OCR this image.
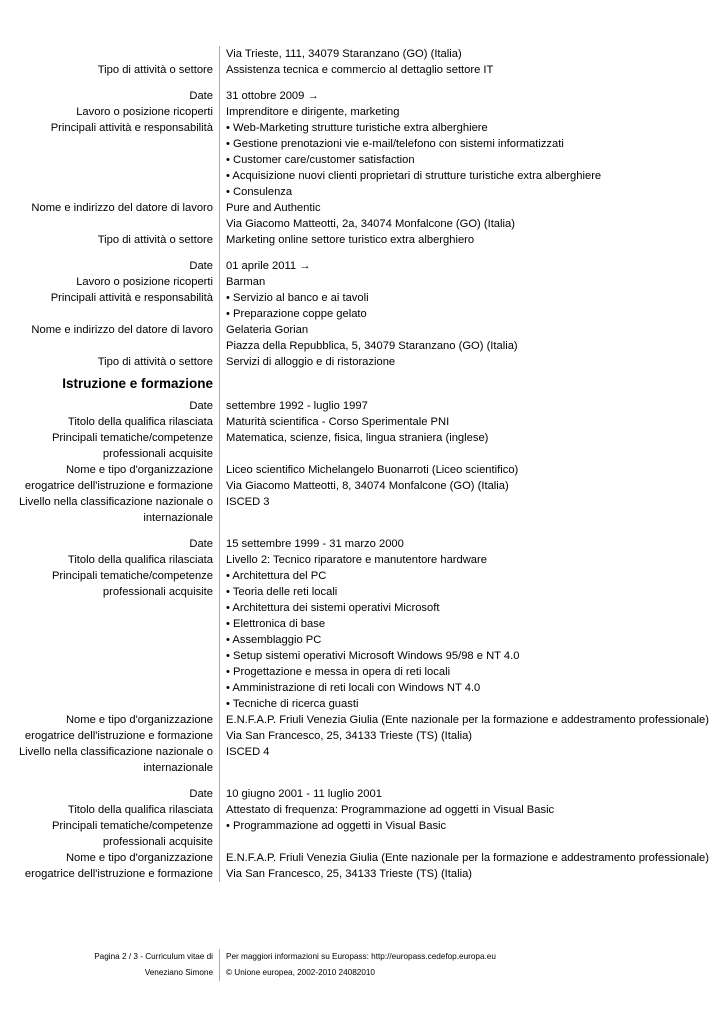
Via Trieste, 111, 34079 Staranzano (GO) (Italia)
Tipo di attività o settore Assistenza tecnica e commercio al dettaglio settore IT
Date 31 ottobre 2009 →
Lavoro o posizione ricoperti Imprenditore e dirigente, marketing
Principali attività e responsabilità • Web-Marketing strutture turistiche extra alberghiere
• Gestione prenotazioni vie e-mail/telefono con sistemi informatizzati
• Customer care/customer satisfaction
• Acquisizione nuovi clienti proprietari di strutture turistiche extra alberghiere
• Consulenza
Nome e indirizzo del datore di lavoro Pure and Authentic
Via Giacomo Matteotti, 2a, 34074 Monfalcone (GO) (Italia)
Tipo di attività o settore Marketing online settore turistico extra alberghiero
Date 01 aprile 2011 →
Lavoro o posizione ricoperti Barman
Principali attività e responsabilità • Servizio al banco e ai tavoli
• Preparazione coppe gelato
Nome e indirizzo del datore di lavoro Gelateria Gorian
Piazza della Repubblica, 5, 34079 Staranzano (GO) (Italia)
Tipo di attività o settore Servizi di alloggio e di ristorazione
Istruzione e formazione
Date settembre 1992 - luglio 1997
Titolo della qualifica rilasciata Maturità scientifica - Corso Sperimentale PNI
Principali tematiche/competenze
professionali acquisite
Matematica, scienze, fisica, lingua straniera (inglese)
Nome e tipo d'organizzazione
erogatrice dell'istruzione e formazione
Liceo scientifico Michelangelo Buonarroti (Liceo scientifico)
Via Giacomo Matteotti, 8, 34074 Monfalcone (GO) (Italia)
Livello nella classificazione nazionale o
internazionale
ISCED 3
Date 15 settembre 1999 - 31 marzo 2000
Titolo della qualifica rilasciata Livello 2: Tecnico riparatore e manutentore hardware
Principali tematiche/competenze
professionali acquisite
• Architettura del PC
• Teoria delle reti locali
• Architettura dei sistemi operativi Microsoft
• Elettronica di base
• Assemblaggio PC
• Setup sistemi operativi Microsoft Windows 95/98 e NT 4.0
• Progettazione e messa in opera di reti locali
• Amministrazione di reti locali con Windows NT 4.0
• Tecniche di ricerca guasti
Nome e tipo d'organizzazione
erogatrice dell'istruzione e formazione
E.N.F.A.P. Friuli Venezia Giulia (Ente nazionale per la formazione e addestramento professionale)
Via San Francesco, 25, 34133 Trieste (TS) (Italia)
Livello nella classificazione nazionale o
internazionale
ISCED 4
Date 10 giugno 2001 - 11 luglio 2001
Titolo della qualifica rilasciata Attestato di frequenza: Programmazione ad oggetti in Visual Basic
Principali tematiche/competenze
professionali acquisite
• Programmazione ad oggetti in Visual Basic
Nome e tipo d'organizzazione
erogatrice dell'istruzione e formazione
E.N.F.A.P. Friuli Venezia Giulia (Ente nazionale per la formazione e addestramento professionale)
Via San Francesco, 25, 34133 Trieste (TS) (Italia)
Pagina 2 / 3 - Curriculum vitae di
Veneziano Simone
Per maggiori informazioni su Europass: http://europass.cedefop.europa.eu
© Unione europea, 2002-2010 24082010
